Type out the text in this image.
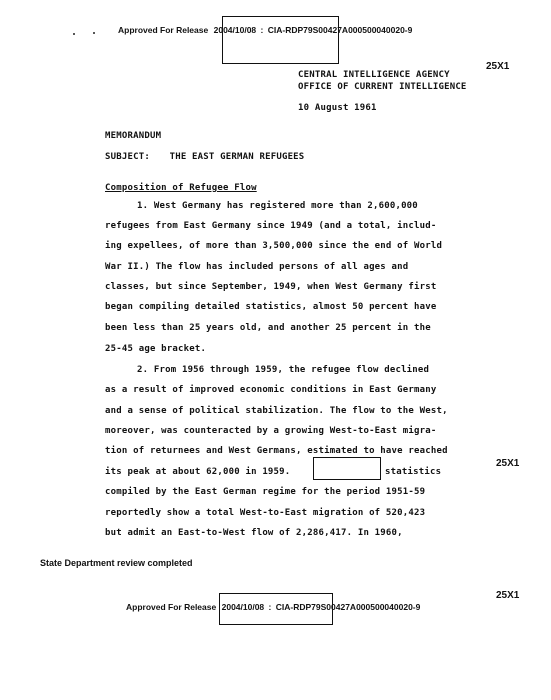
Approved For Release 2004/10/08 : CIA-RDP79S00427A000500040020-9
25X1
CENTRAL INTELLIGENCE AGENCY
OFFICE OF CURRENT INTELLIGENCE
10 August 1961
MEMORANDUM
SUBJECT: THE EAST GERMAN REFUGEES
Composition of Refugee Flow
1. West Germany has registered more than 2,600,000
refugees from East Germany since 1949 (and a total, includ-
ing expellees, of more than 3,500,000 since the end of World
War II.) The flow has included persons of all ages and
classes, but since September, 1949, when West Germany first
began compiling detailed statistics, almost 50 percent have
been less than 25 years old, and another 25 percent in the
25-45 age bracket.
2. From 1956 through 1959, the refugee flow declined
as a result of improved economic conditions in East Germany
and a sense of political stabilization. The flow to the West,
moreover, was counteracted by a growing West-to-East migra-
tion of returnees and West Germans, estimated to have reached
its peak at about 62,000 in 1959.	statistics
compiled by the East German regime for the period 1951-59
reportedly show a total West-to-East migration of 520,423
but admit an East-to-West flow of 2,286,417. In 1960,
25X1
State Department review completed
25X1
Approved For Release 2004/10/08 : CIA-RDP79S00427A000500040020-9
